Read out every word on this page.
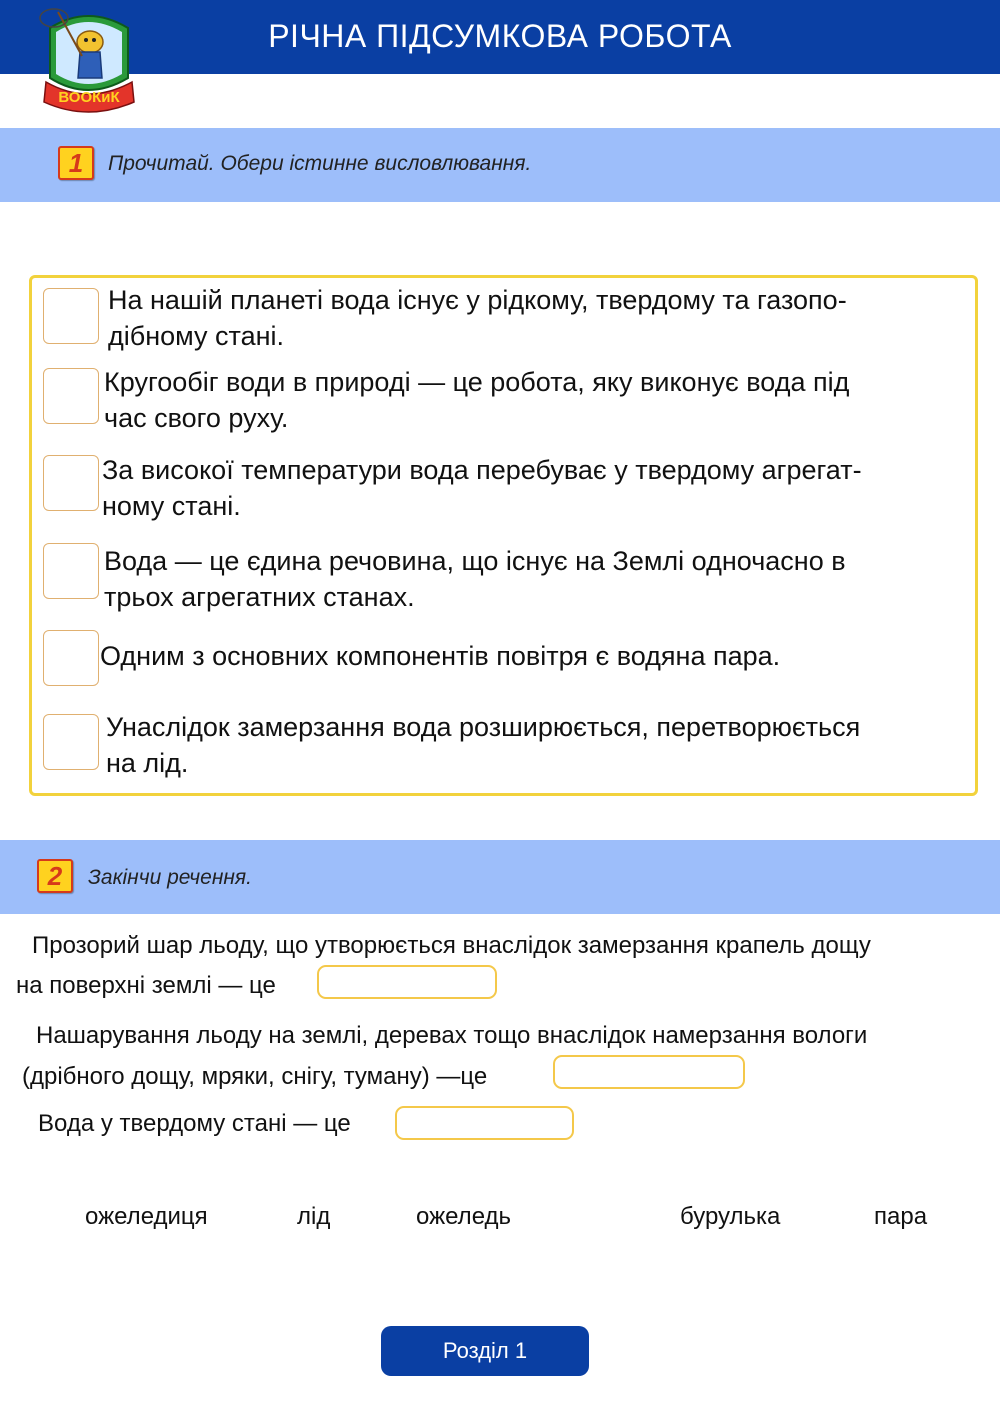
РІЧНА ПІДСУМКОВА РОБОТА
ВООКиК
1	Прочитай. Обери істинне висловлювання.
На нашій планеті вода існує у рідкому, твердому та газопо-
дібному стані.
Кругообіг води в природі — це робота, яку виконує вода під
час свого руху.
За високої температури вода перебуває у твердому агрегат-
ному стані.
Вода — це єдина речовина, що існує на Землі одночасно в
трьох агрегатних станах.
Одним з основних компонентів повітря є водяна пара.
Унаслідок замерзання вода розширюється, перетворюється
на лід.
2	Закінчи речення.
Прозорий шар льоду, що утворюється внаслідок замерзання крапель дощу
на поверхні землі — це
Нашарування льоду на землі, деревах тощо внаслідок намерзання вологи
(дрібного дощу, мряки, снігу, туману) —це
Вода у твердому стані — це
ожеледиця	лід	ожеледь	бурулька	пара
Розділ 1
